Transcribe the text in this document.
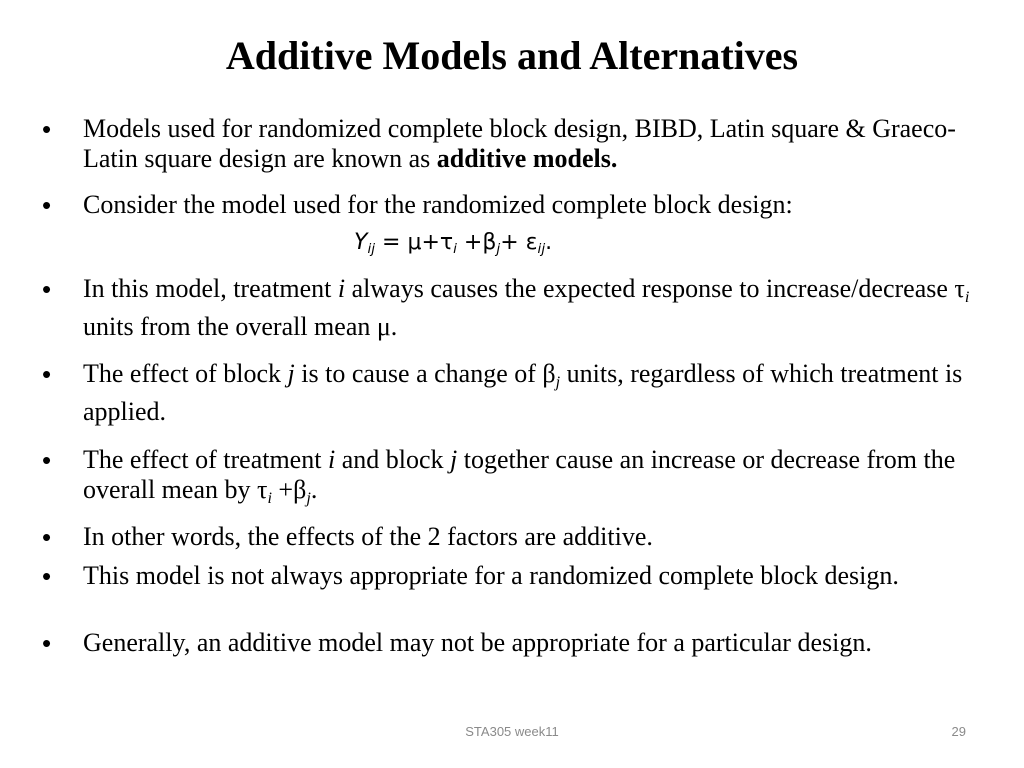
Additive Models and Alternatives
•	Models used for randomized complete block design, BIBD, Latin square & Graeco-Latin square design are known as additive models.
•	Consider the model used for the randomized complete block design:
•	In this model, treatment i always causes the expected response to increase/decrease $\tau_i$ units from the overall mean μ.
•	The effect of block j is to cause a change of $\beta_j$ units, regardless of which treatment is applied.
•	The effect of treatment i and block j together cause an increase or decrease from the overall mean by $\tau_i +\beta_j$.
•	In other words, the effects of the 2 factors are additive.
•	This model is not always appropriate for a randomized complete block design.
•	Generally, an additive model may not be appropriate for a particular design.
$Y_{ij} = \mu+\tau_i +\beta_j+ \varepsilon_{ij}$.
STA305 week11	29
